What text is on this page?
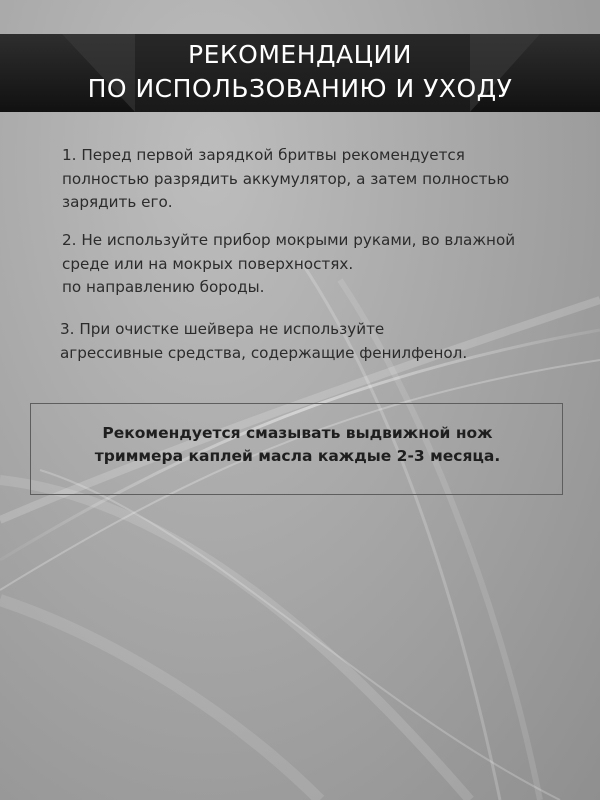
РЕКОМЕНДАЦИИ
ПО ИСПОЛЬЗОВАНИЮ И УХОДУ
1. Перед первой зарядкой бритвы рекомендуется
полностью разрядить аккумулятор, а затем полностью
зарядить его.
2. Не используйте прибор мокрыми руками, во влажной
среде или на мокрых поверхностях.
по направлению бороды.
3. При очистке шейвера не используйте
агрессивные средства, содержащие фенилфенол.
Рекомендуется смазывать выдвижной нож
триммера каплей масла каждые 2-3 месяца.
